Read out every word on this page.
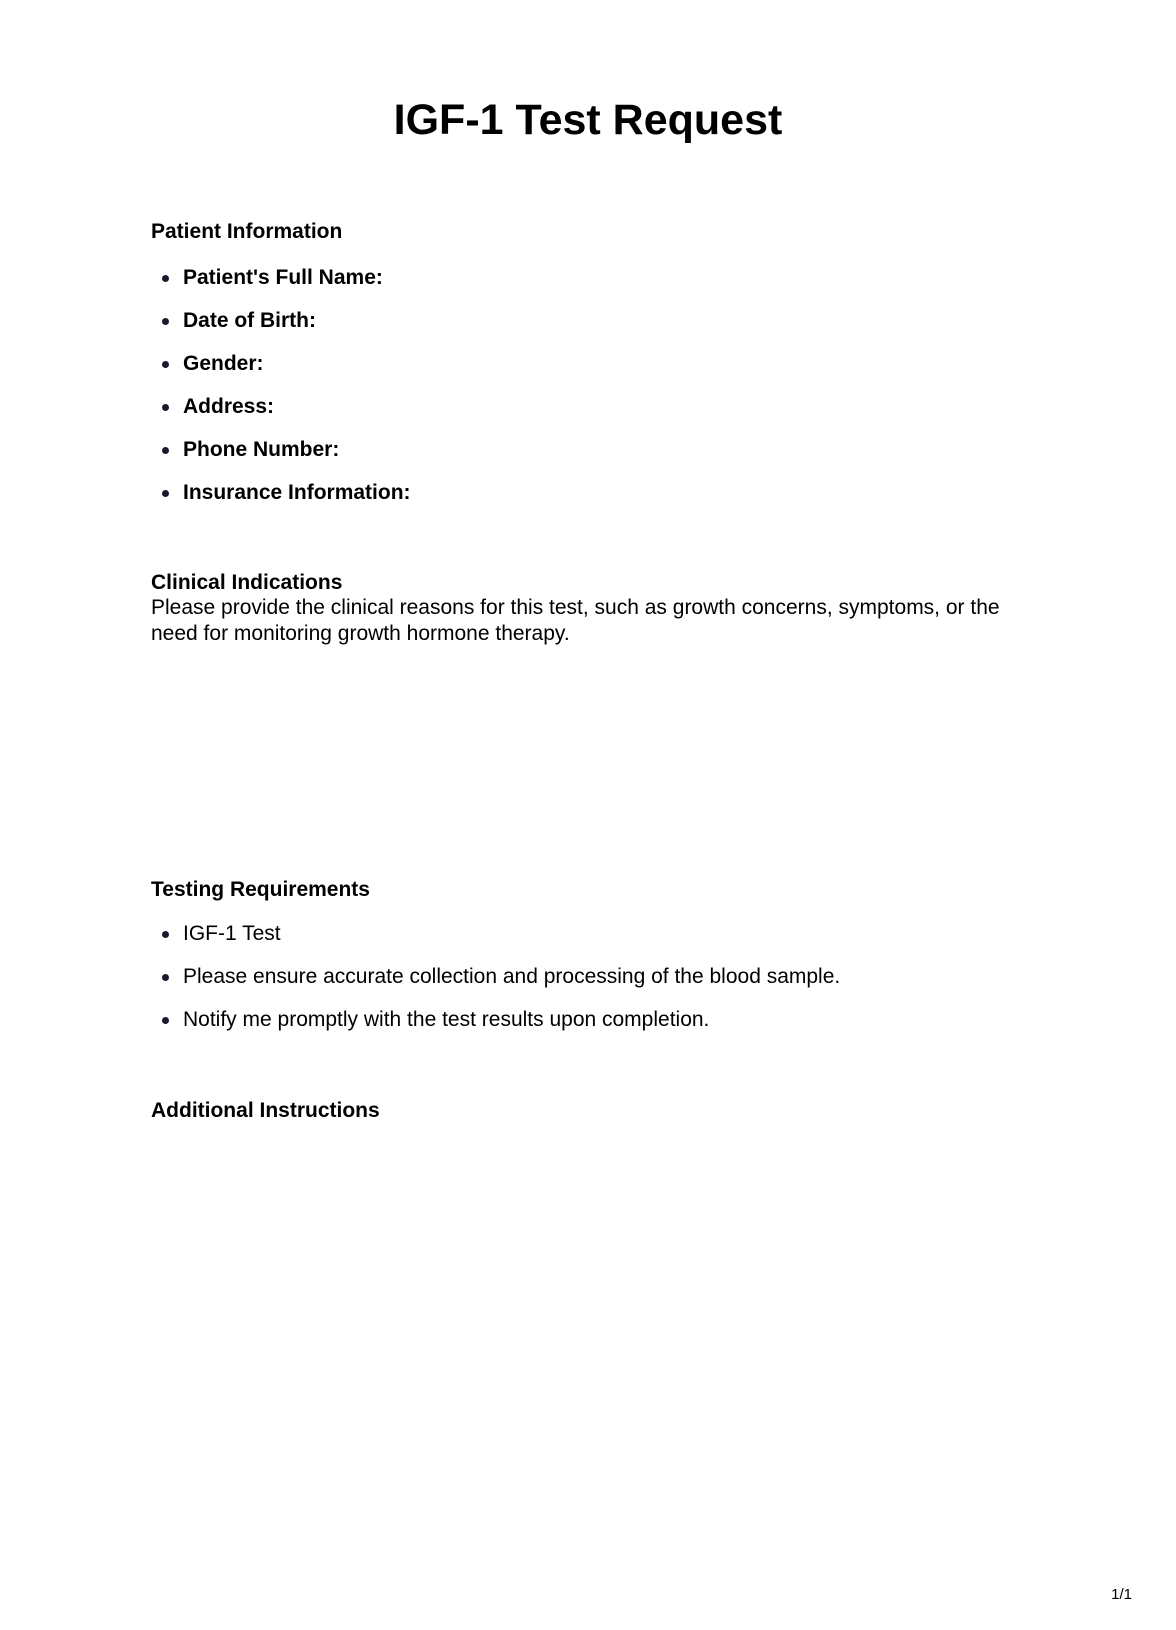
IGF-1 Test Request
Patient Information
Patient's Full Name:
Date of Birth:
Gender:
Address:
Phone Number:
Insurance Information:
Clinical Indications

Please provide the clinical reasons for this test, such as growth concerns, symptoms, or the need for monitoring growth hormone therapy.

Testing Requirements
IGF-1 Test
Please ensure accurate collection and processing of the blood sample.
Notify me promptly with the test results upon completion.
Additional Instructions
1/1
